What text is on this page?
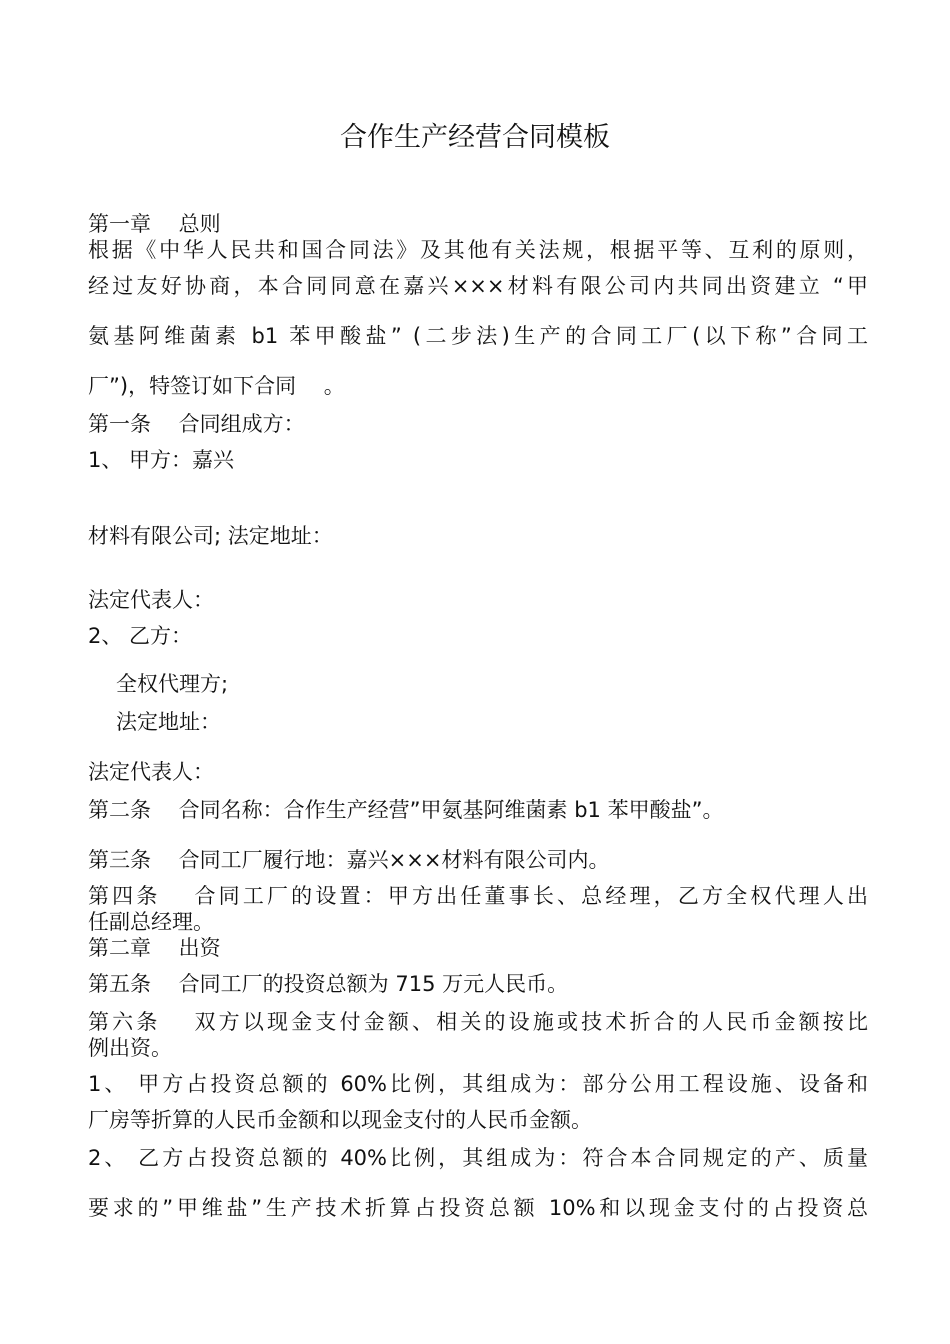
合作生产经营合同模板
第一章　 总则
根据《中华人民共和国合同法》及其他有关法规，根据平等、互利的原则，
经过友好协商，本合同同意在嘉兴×××材料有限公司内共同出资建立 “甲
氨基阿维菌素 b1 苯甲酸盐” (二步法)生产的合同工厂(以下称”合同工
厂”)，特签订如下合同　 。
第一条　 合同组成方：
1、 甲方：嘉兴
材料有限公司; 法定地址：
法定代表人：
2、 乙方：
全权代理方;
法定地址：
法定代表人：
第二条　 合同名称：合作生产经营”甲氨基阿维菌素 b1 苯甲酸盐”。
第三条　 合同工厂履行地：嘉兴×××材料有限公司内。
第四条　 合同工厂的设置：甲方出任董事长、总经理，乙方全权代理人出
任副总经理。
第二章　 出资
第五条　 合同工厂的投资总额为 715 万元人民币。
第六条　 双方以现金支付金额、相关的设施或技术折合的人民币金额按比
例出资。
1、 甲方占投资总额的 60%比例，其组成为：部分公用工程设施、设备和
厂房等折算的人民币金额和以现金支付的人民币金额。
2、 乙方占投资总额的 40%比例，其组成为：符合本合同规定的产、质量
要求的”甲维盐”生产技术折算占投资总额 10%和以现金支付的占投资总
